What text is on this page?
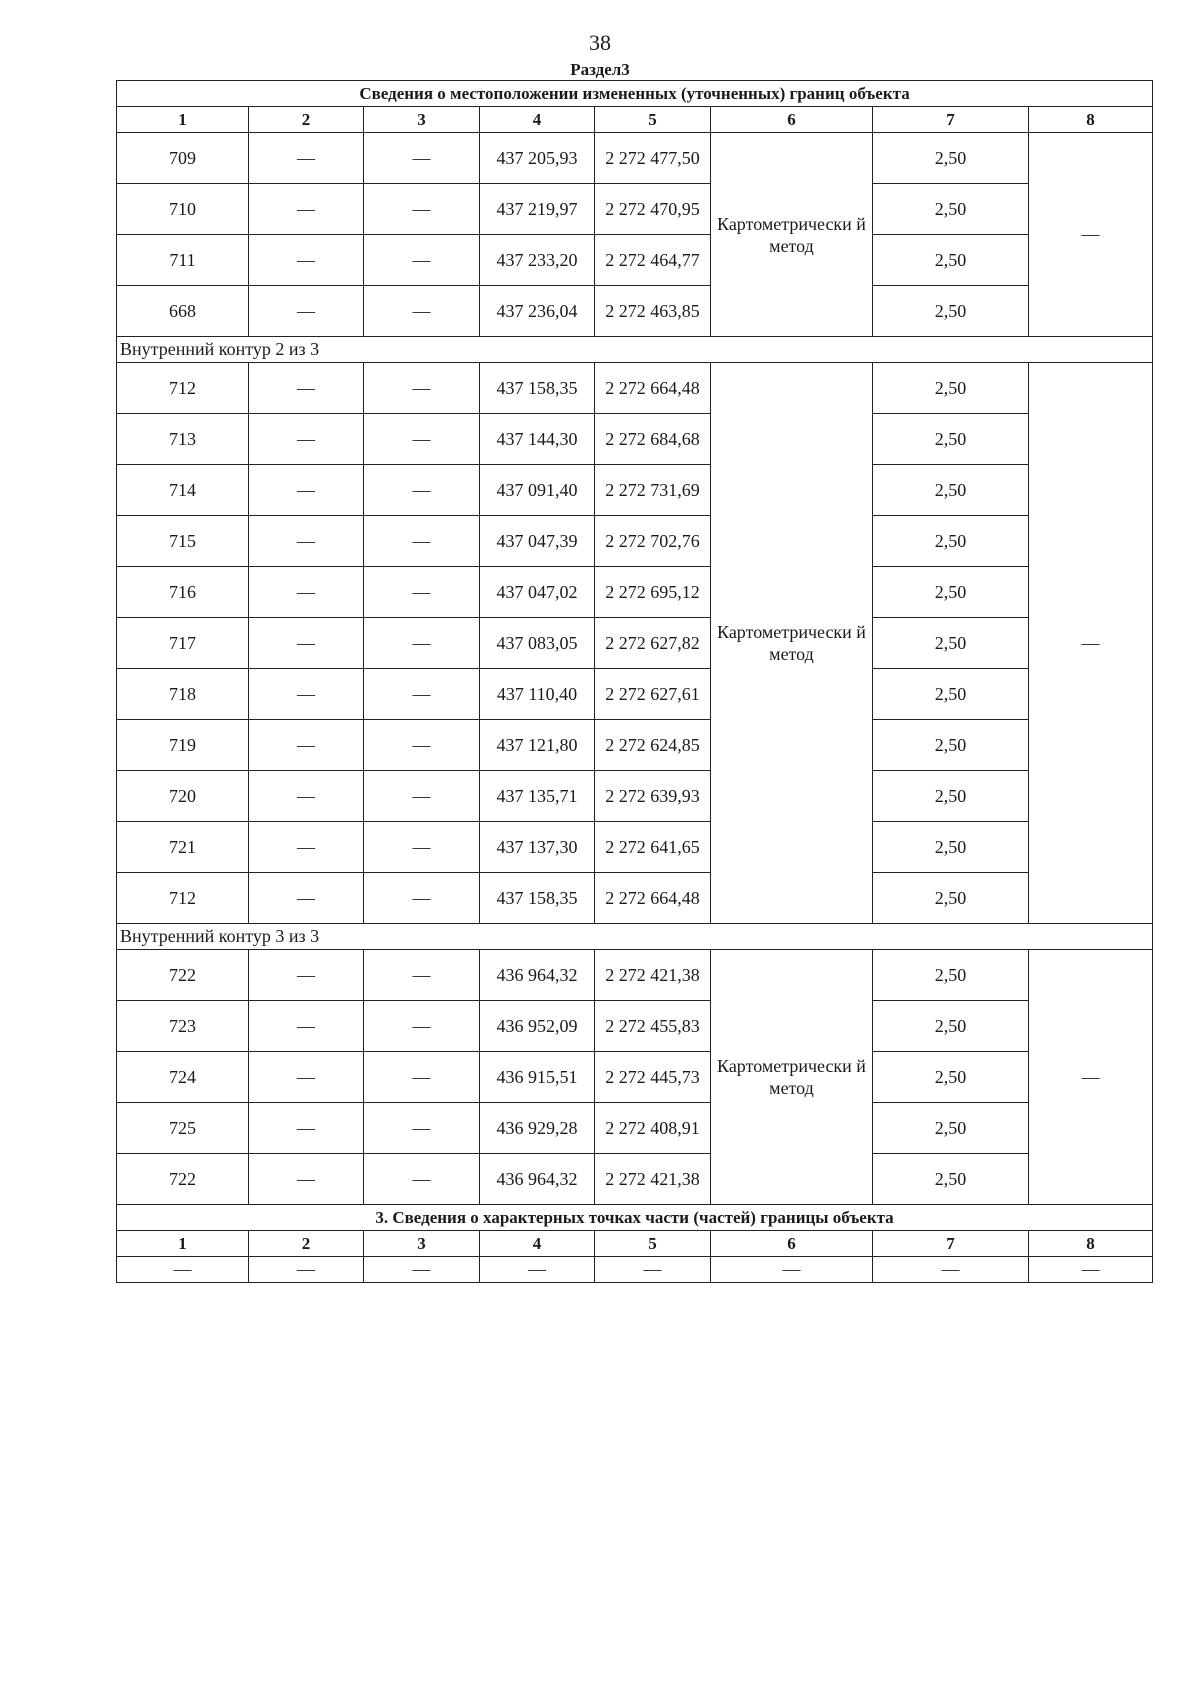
38
Раздел3
Сведения о местоположении измененных (уточненных) границ объекта							
1	2	3	4	5	6	7	8
709	—	—	437 205,93	2 272 477,50	Картометрически й метод	2,50	—
710	—	—	437 219,97	2 272 470,95		2,50	
711	—	—	437 233,20	2 272 464,77		2,50	
668	—	—	437 236,04	2 272 463,85		2,50	
Внутренний контур 2 из 3							
712	—	—	437 158,35	2 272 664,48	Картометрически й метод	2,50	—
713	—	—	437 144,30	2 272 684,68		2,50	
714	—	—	437 091,40	2 272 731,69		2,50	
715	—	—	437 047,39	2 272 702,76		2,50	
716	—	—	437 047,02	2 272 695,12		2,50	
717	—	—	437 083,05	2 272 627,82		2,50	
718	—	—	437 110,40	2 272 627,61		2,50	
719	—	—	437 121,80	2 272 624,85		2,50	
720	—	—	437 135,71	2 272 639,93		2,50	
721	—	—	437 137,30	2 272 641,65		2,50	
712	—	—	437 158,35	2 272 664,48		2,50	
Внутренний контур 3 из 3							
722	—	—	436 964,32	2 272 421,38	Картометрически й метод	2,50	—
723	—	—	436 952,09	2 272 455,83		2,50	
724	—	—	436 915,51	2 272 445,73		2,50	
725	—	—	436 929,28	2 272 408,91		2,50	
722	—	—	436 964,32	2 272 421,38		2,50	
3. Сведения о характерных точках части (частей) границы объекта							
1	2	3	4	5	6	7	8
—	—	—	—	—	—	—	—
